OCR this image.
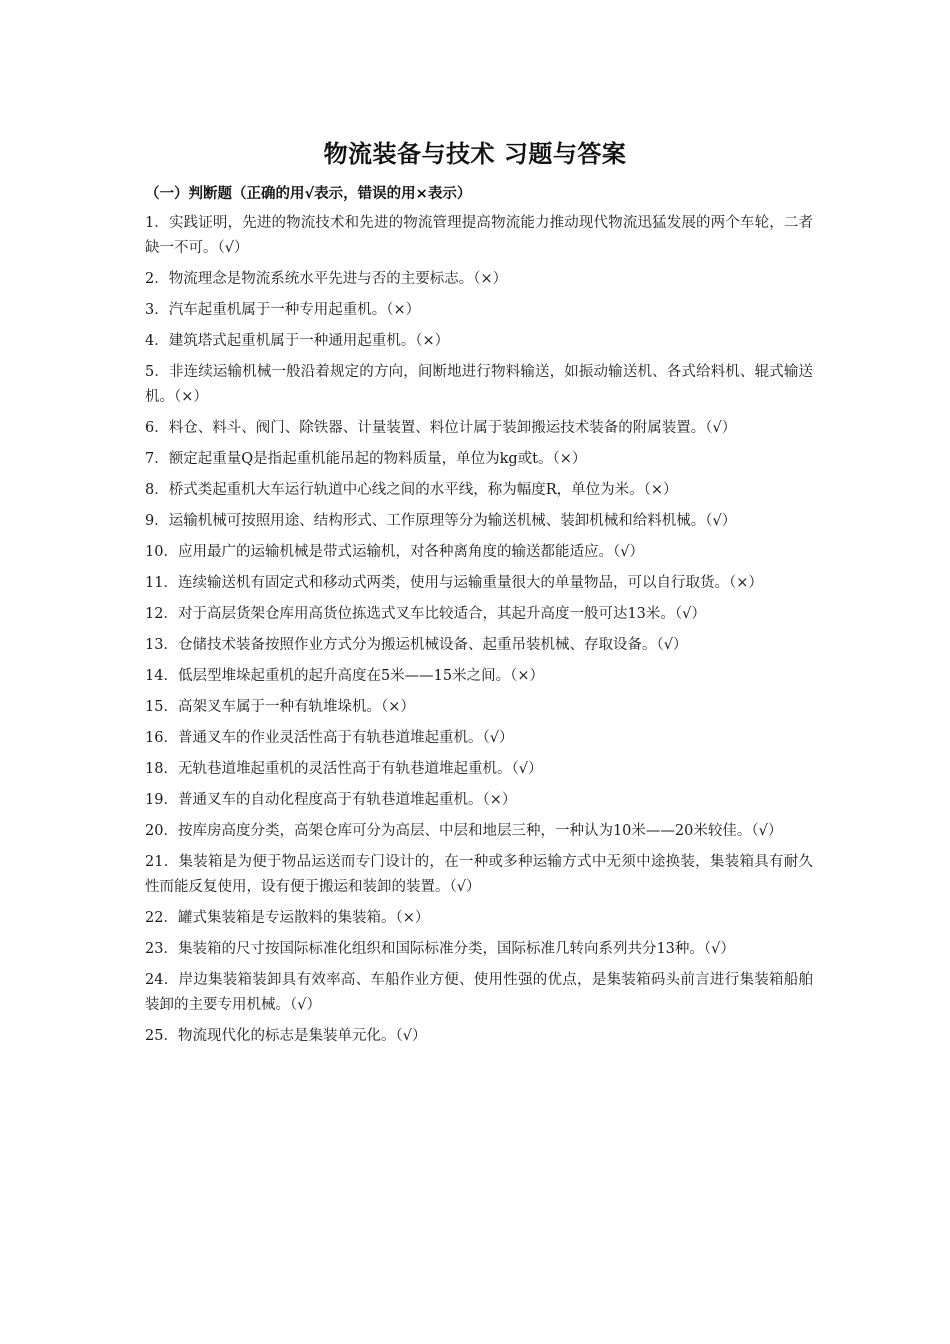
物流装备与技术 习题与答案
（一）判断题（正确的用√表示，错误的用×表示）
1．实践证明，先进的物流技术和先进的物流管理提高物流能力推动现代物流迅猛发展的两个车轮，二者缺一不可。（√）
2．物流理念是物流系统水平先进与否的主要标志。（×）
3．汽车起重机属于一种专用起重机。（×）
4．建筑塔式起重机属于一种通用起重机。（×）
5．非连续运输机械一般沿着规定的方向，间断地进行物料输送，如振动输送机、各式给料机、辊式输送机。（×）
6．料仓、料斗、阀门、除铁器、计量装置、料位计属于装卸搬运技术装备的附属装置。（√）
7．额定起重量Q是指起重机能吊起的物料质量，单位为kg或t。（×）
8．桥式类起重机大车运行轨道中心线之间的水平线，称为幅度R，单位为米。（×）
9．运输机械可按照用途、结构形式、工作原理等分为输送机械、装卸机械和给料机械。（√）
10．应用最广的运输机械是带式运输机，对各种离角度的输送都能适应。（√）
11．连续输送机有固定式和移动式两类，使用与运输重量很大的单量物品，可以自行取货。（×）
12．对于高层货架仓库用高货位拣选式叉车比较适合，其起升高度一般可达13米。（√）
13．仓储技术装备按照作业方式分为搬运机械设备、起重吊装机械、存取设备。（√）
14．低层型堆垛起重机的起升高度在5米——15米之间。（×）
15．高架叉车属于一种有轨堆垛机。（×）
16．普通叉车的作业灵活性高于有轨巷道堆起重机。（√）
18．无轨巷道堆起重机的灵活性高于有轨巷道堆起重机。（√）
19．普通叉车的自动化程度高于有轨巷道堆起重机。（×）
20．按库房高度分类，高架仓库可分为高层、中层和地层三种，一种认为10米——20米较佳。（√）
21．集装箱是为便于物品运送而专门设计的，在一种或多种运输方式中无须中途换装，集装箱具有耐久性而能反复使用，设有便于搬运和装卸的装置。（√）
22．罐式集装箱是专运散料的集装箱。（×）
23．集装箱的尺寸按国际标准化组织和国际标准分类，国际标准几转向系列共分13种。（√）
24．岸边集装箱装卸具有效率高、车船作业方便、使用性强的优点，是集装箱码头前言进行集装箱船舶装卸的主要专用机械。（√）
25．物流现代化的标志是集装单元化。（√）
